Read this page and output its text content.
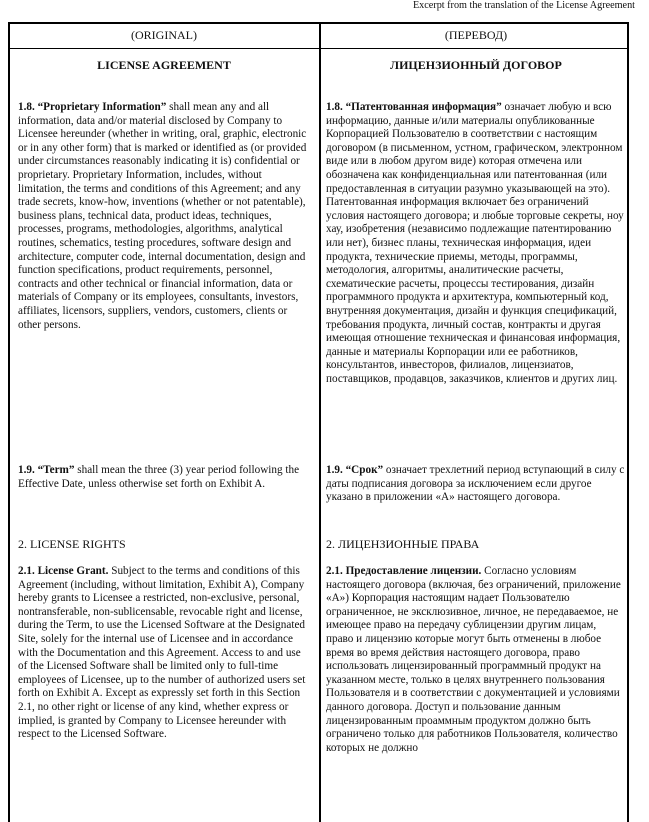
Excerpt from the translation of the License Agreement
(ORIGINAL)
LICENSE AGREEMENT
1.8. “Proprietary Information” shall mean any and all information, data and/or material disclosed by Company to Licensee hereunder (whether in writing, oral, graphic, electronic or in any other form) that is marked or identified as (or provided under circumstances reasonably indicating it is) confidential or proprietary. Proprietary Information, includes, without limitation, the terms and conditions of this Agreement; and any trade secrets, know-how, inventions (whether or not patentable), business plans, technical data, product ideas, techniques, processes, programs, methodologies, algorithms, analytical routines, schematics, testing procedures, software design and architecture, computer code, internal documentation, design and function specifications, product requirements, personnel, contracts and other technical or financial information, data or materials of Company or its employees, consultants, investors, affiliates, licensors, suppliers, vendors, customers, clients or other persons.
1.9. “Term” shall mean the three (3) year period following the Effective Date, unless otherwise set forth on Exhibit A.
2. LICENSE RIGHTS
2.1. License Grant. Subject to the terms and conditions of this Agreement (including, without limitation, Exhibit A), Company hereby grants to Licensee a restricted, non-exclusive, personal, nontransferable, non-sublicensable, revocable right and license, during the Term, to use the Licensed Software at the Designated Site, solely for the internal use of Licensee and in accordance with the Documentation and this Agreement. Access to and use of the Licensed Software shall be limited only to full-time employees of Licensee, up to the number of authorized users set forth on Exhibit A. Except as expressly set forth in this Section 2.1, no other right or license of any kind, whether express or implied, is granted by Company to Licensee hereunder with respect to the Licensed Software.
(ПЕРЕВОД)
ЛИЦЕНЗИОННЫЙ ДОГОВОР
1.8. “Патентованная информация” означает любую и всю информацию, данные и/или материалы опубликованные Корпорацией Пользователю в соответствии с настоящим договором (в письменном, устном, графическом, электронном виде или в любом другом виде) которая отмечена или обозначена как конфиденциальная или патентованная (или предоставленная в ситуации разумно указывающей на это). Патентованная информация включает без ограничений условия настоящего договора; и любые торговые секреты, ноу хау, изобретения (независимо подлежащие патентированию или нет), бизнес планы, техническая информация, идеи продукта, технические приемы, методы, программы, методология, алгоритмы, аналитические расчеты, схематические расчеты, процессы тестирования, дизайн программного продукта и архитектура, компьютерный код, внутренняя документация, дизайн и функция спецификаций, требования продукта, личный состав, контракты и другая имеющая отношение техническая и финансовая информация, данные и материалы Корпорации или ее работников, консультантов, инвесторов, филиалов, лицензиатов, поставщиков, продавцов, заказчиков, клиентов и других лиц.
1.9. “Срок” означает трехлетний период вступающий в силу с даты подписания договора за исключением если другое указано в приложении «А» настоящего договора.
2. ЛИЦЕНЗИОННЫЕ ПРАВА
2.1. Предоставление лицензии. Согласно условиям настоящего договора (включая, без ограничений, приложение «А») Корпорация настоящим надает Пользователю ограниченное, не эксклюзивное, личное, не передаваемое, не имеющее право на передачу сублицензии другим лицам, право и лицензию которые могут быть отменены в любое время во время действия настоящего договора, право использовать лицензированный программный продукт на указанном месте, только в целях внутреннего пользования Пользователя и в соответствии с документацией и условиями данного договора. Доступ и пользование данным лицензированным проаммным продуктом должно быть ограничено только для работников Пользователя, количество которых не должно
